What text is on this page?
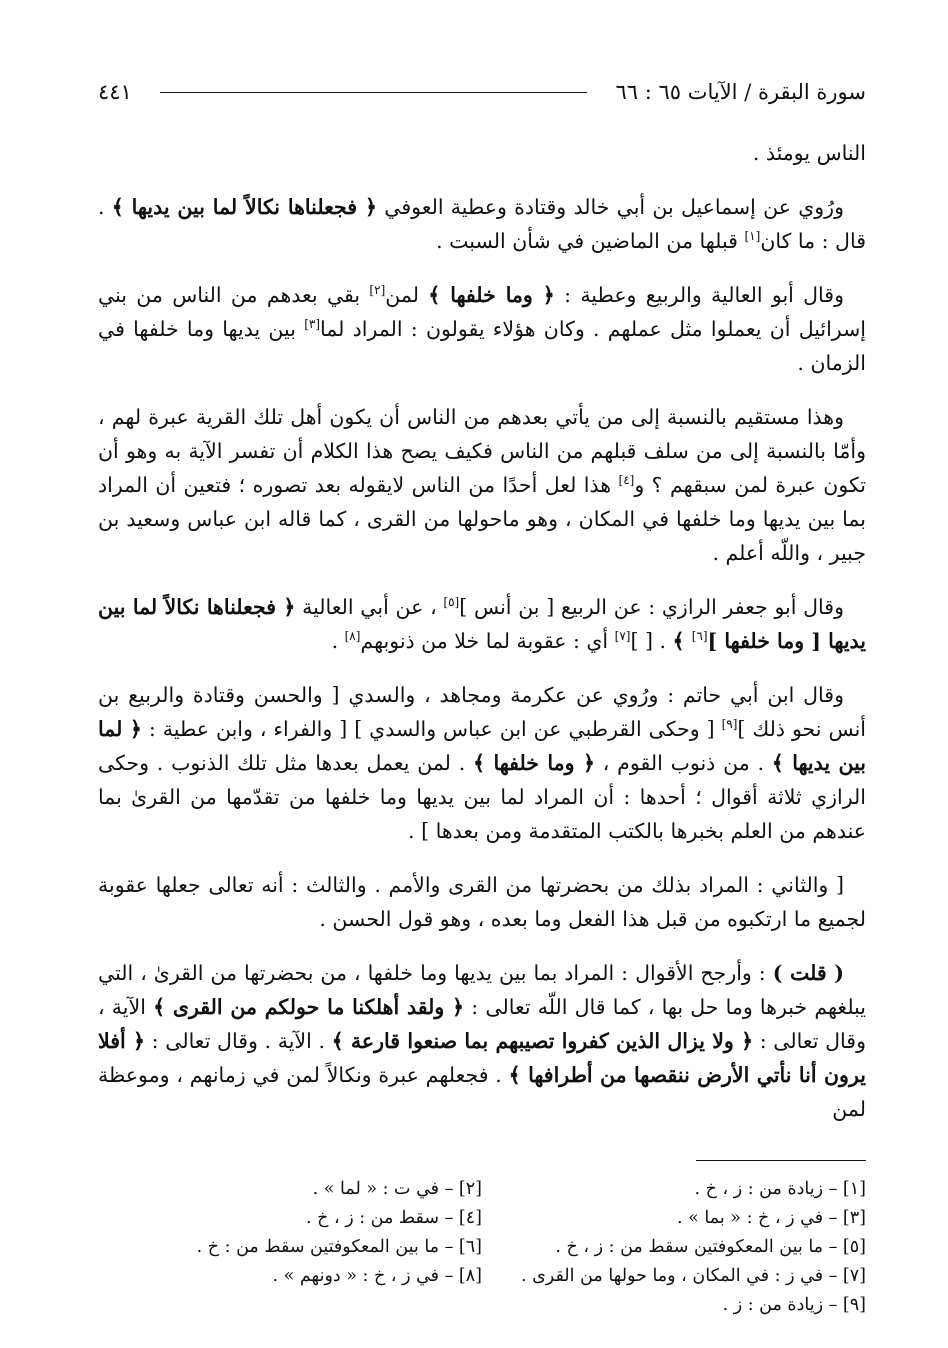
سورة البقرة / الآيات ٦٥ : ٦٦
٤٤١

الناس يومئذ .

ورُوي عن إسماعيل بن أبي خالد وقتادة وعطية العوفي ﴿ فجعلناها نكالاً لما بين يديها ﴾ . قال : ما كان[١] قبلها من الماضين في شأن السبت .

وقال أبو العالية والربيع وعطية : ﴿ وما خلفها ﴾ لمن[٢] بقي بعدهم من الناس من بني إسرائيل أن يعملوا مثل عملهم . وكان هؤلاء يقولون : المراد لما[٣] بين يديها وما خلفها في الزمان .

وهذا مستقيم بالنسبة إلى من يأتي بعدهم من الناس أن يكون أهل تلك القرية عبرة لهم ، وأمّا بالنسبة إلى من سلف قبلهم من الناس فكيف يصح هذا الكلام أن تفسر الآية به وهو أن تكون عبرة لمن سبقهم ؟ و[٤] هذا لعل أحدًا من الناس لايقوله بعد تصوره ؛ فتعين أن المراد بما بين يديها وما خلفها في المكان ، وهو ماحولها من القرى ، كما قاله ابن عباس وسعيد بن جبير ، واللّه أعلم .

وقال أبو جعفر الرازي : عن الربيع [ بن أنس ][٥] ، عن أبي العالية ﴿ فجعلناها نكالاً لما بين يديها [ وما خلفها ][٦] ﴾ . [ ][٧] أي : عقوبة لما خلا من ذنوبهم[٨] .

وقال ابن أبي حاتم : ورُوي عن عكرمة ومجاهد ، والسدي [ والحسن وقتادة والربيع بن أنس نحو ذلك ][٩] [ وحكى القرطبي عن ابن عباس والسدي ] [ والفراء ، وابن عطية : ﴿ لما بين يديها ﴾ . من ذنوب القوم ، ﴿ وما خلفها ﴾ . لمن يعمل بعدها مثل تلك الذنوب . وحكى الرازي ثلاثة أقوال ؛ أحدها : أن المراد لما بين يديها وما خلفها من تقدّمها من القرىٰ بما عندهم من العلم بخبرها بالكتب المتقدمة ومن بعدها ] .

[ والثاني : المراد بذلك من بحضرتها من القرى والأمم . والثالث : أنه تعالى جعلها عقوبة لجميع ما ارتكبوه من قبل هذا الفعل وما بعده ، وهو قول الحسن .

( قلت ) : وأرجح الأقوال : المراد بما بين يديها وما خلفها ، من بحضرتها من القرىٰ ، التي يبلغهم خبرها وما حل بها ، كما قال اللّه تعالى : ﴿ ولقد أهلكنا ما حولكم من القرى ﴾ الآية ، وقال تعالى : ﴿ ولا يزال الذين كفروا تصيبهم بما صنعوا قارعة ﴾ . الآية . وقال تعالى : ﴿ أفلا يرون أنا نأتي الأرض ننقصها من أطرافها ﴾ . فجعلهم عبرة ونكالاً لمن في زمانهم ، وموعظة لمن

[١] – زيادة من : ز ، خ .
[٢] – في ت : « لما » .
[٣] – في ز ، خ : « بما » .
[٤] – سقط من : ز ، خ .
[٥] – ما بين المعكوفتين سقط من : ز ، خ .
[٦] – ما بين المعكوفتين سقط من : خ .
[٧] – في ز : في المكان ، وما حولها من القرى .
[٨] – في ز ، خ : « دونهم » .
[٩] – زيادة من : ز .
